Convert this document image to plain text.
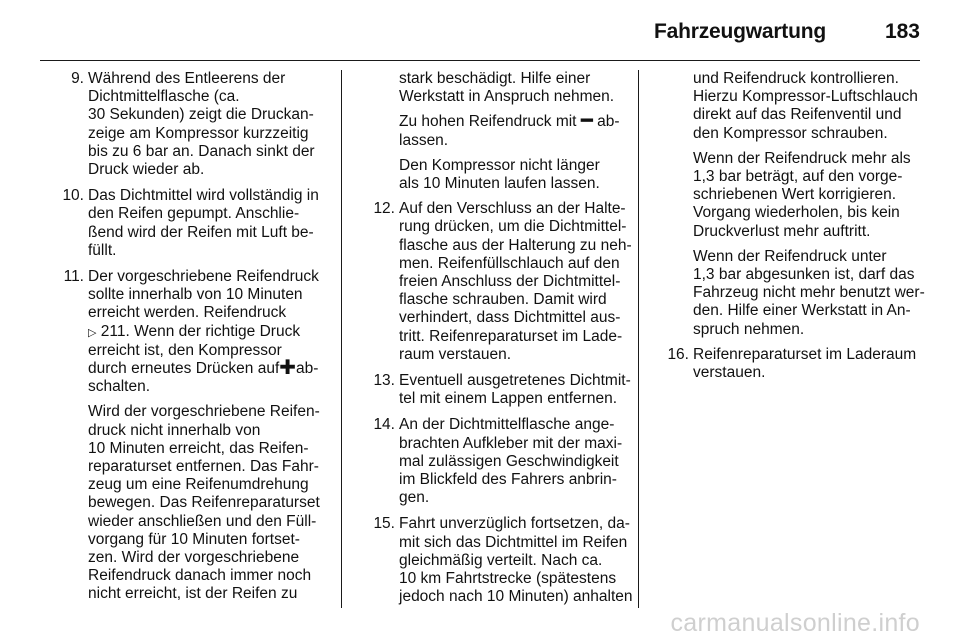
Fahrzeugwartung	183
9. Während des Entleerens der
Dichtmittelflasche (ca.
30 Sekunden) zeigt die Druckan-
zeige am Kompressor kurzzeitig
bis zu 6 bar an. Danach sinkt der
Druck wieder ab.
10. Das Dichtmittel wird vollständig in
den Reifen gepumpt. Anschlie-
ßend wird der Reifen mit Luft be-
füllt.
11. Der vorgeschriebene Reifendruck
sollte innerhalb von 10 Minuten
erreicht werden. Reifendruck
▷ 211. Wenn der richtige Druck
erreicht ist, den Kompressor
durch erneutes Drücken auf✚ab-
schalten.
Wird der vorgeschriebene Reifen-
druck nicht innerhalb von
10 Minuten erreicht, das Reifen-
reparaturset entfernen. Das Fahr-
zeug um eine Reifenumdrehung
bewegen. Das Reifenreparaturset
wieder anschließen und den Füll-
vorgang für 10 Minuten fortset-
zen. Wird der vorgeschriebene
Reifendruck danach immer noch
nicht erreicht, ist der Reifen zu
stark beschädigt. Hilfe einer
Werkstatt in Anspruch nehmen.
Zu hohen Reifendruck mit ━ ab-
lassen.
Den Kompressor nicht länger
als 10 Minuten laufen lassen.
12. Auf den Verschluss an der Halte-
rung drücken, um die Dichtmittel-
flasche aus der Halterung zu neh-
men. Reifenfüllschlauch auf den
freien Anschluss der Dichtmittel-
flasche schrauben. Damit wird
verhindert, dass Dichtmittel aus-
tritt. Reifenreparaturset im Lade-
raum verstauen.
13. Eventuell ausgetretenes Dichtmit-
tel mit einem Lappen entfernen.
14. An der Dichtmittelflasche ange-
brachten Aufkleber mit der maxi-
mal zulässigen Geschwindigkeit
im Blickfeld des Fahrers anbrin-
gen.
15. Fahrt unverzüglich fortsetzen, da-
mit sich das Dichtmittel im Reifen
gleichmäßig verteilt. Nach ca.
10 km Fahrtstrecke (spätestens
jedoch nach 10 Minuten) anhalten
und Reifendruck kontrollieren.
Hierzu Kompressor-Luftschlauch
direkt auf das Reifenventil und
den Kompressor schrauben.
Wenn der Reifendruck mehr als
1,3 bar beträgt, auf den vorge-
schriebenen Wert korrigieren.
Vorgang wiederholen, bis kein
Druckverlust mehr auftritt.
Wenn der Reifendruck unter
1,3 bar abgesunken ist, darf das
Fahrzeug nicht mehr benutzt wer-
den. Hilfe einer Werkstatt in An-
spruch nehmen.
16. Reifenreparaturset im Laderaum
verstauen.
carmanualsonline.info
